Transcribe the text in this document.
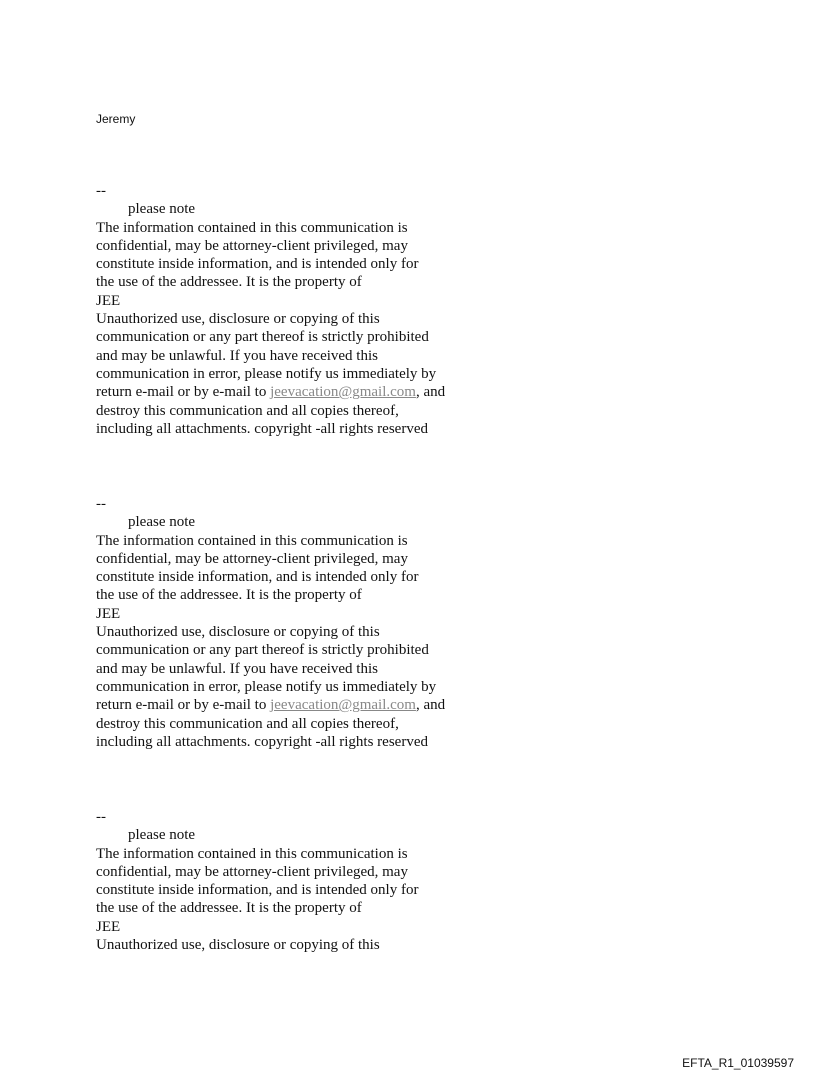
Jeremy
--
please note
The information contained in this communication is
confidential, may be attorney-client privileged, may
constitute inside information, and is intended only for
the use of the addressee. It is the property of
JEE
Unauthorized use, disclosure or copying of this
communication or any part thereof is strictly prohibited
and may be unlawful. If you have received this
communication in error, please notify us immediately by
return e-mail or by e-mail to jeevacation@gmail.com, and
destroy this communication and all copies thereof,
including all attachments. copyright -all rights reserved
--
please note
The information contained in this communication is
confidential, may be attorney-client privileged, may
constitute inside information, and is intended only for
the use of the addressee. It is the property of
JEE
Unauthorized use, disclosure or copying of this
communication or any part thereof is strictly prohibited
and may be unlawful. If you have received this
communication in error, please notify us immediately by
return e-mail or by e-mail to jeevacation@gmail.com, and
destroy this communication and all copies thereof,
including all attachments. copyright -all rights reserved
--
please note
The information contained in this communication is
confidential, may be attorney-client privileged, may
constitute inside information, and is intended only for
the use of the addressee. It is the property of
JEE
Unauthorized use, disclosure or copying of this
EFTA_R1_01039597
